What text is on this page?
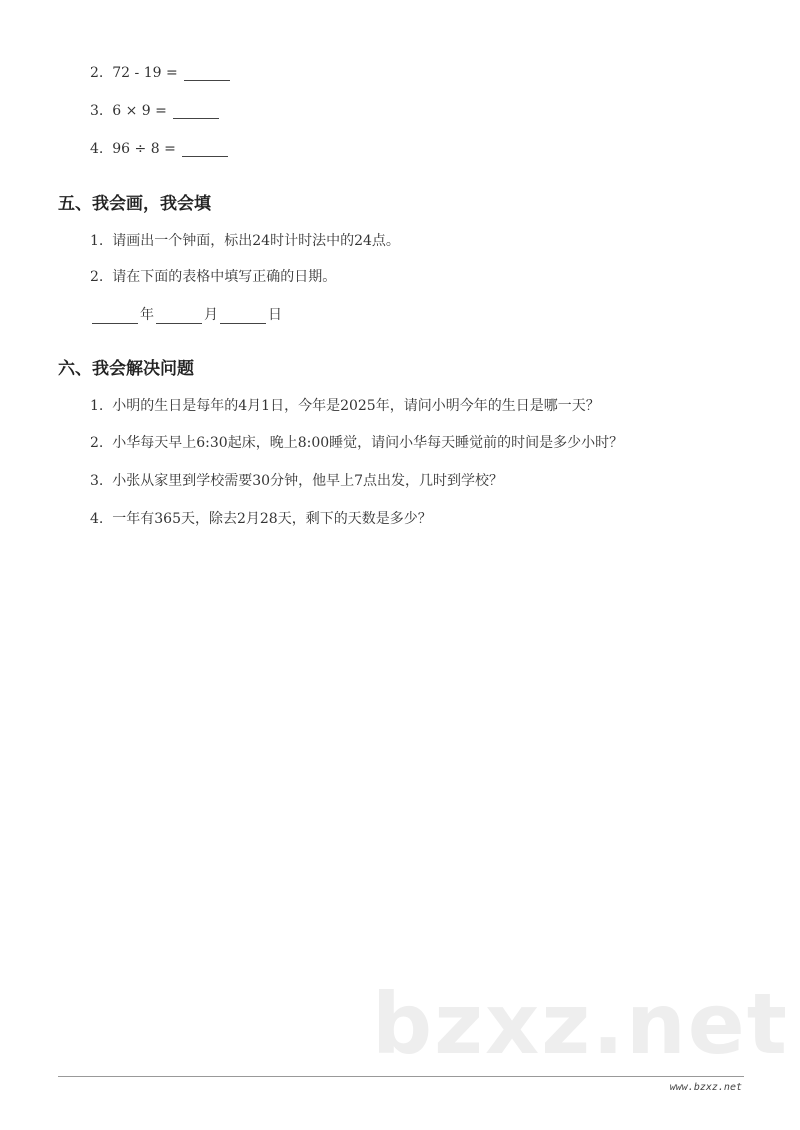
2. 72 - 19 =
3. 6 × 9 =
4. 96 ÷ 8 =
五、我会画，我会填
1. 请画出一个钟面，标出24时计时法中的24点。
2. 请在下面的表格中填写正确的日期。
年	月	日
六、我会解决问题
1. 小明的生日是每年的4月1日，今年是2025年，请问小明今年的生日是哪一天？
2. 小华每天早上6:30起床，晚上8:00睡觉，请问小华每天睡觉前的时间是多少小时？
3. 小张从家里到学校需要30分钟，他早上7点出发，几时到学校？
4. 一年有365天，除去2月28天，剩下的天数是多少？
bzxz.net
www.bzxz.net
